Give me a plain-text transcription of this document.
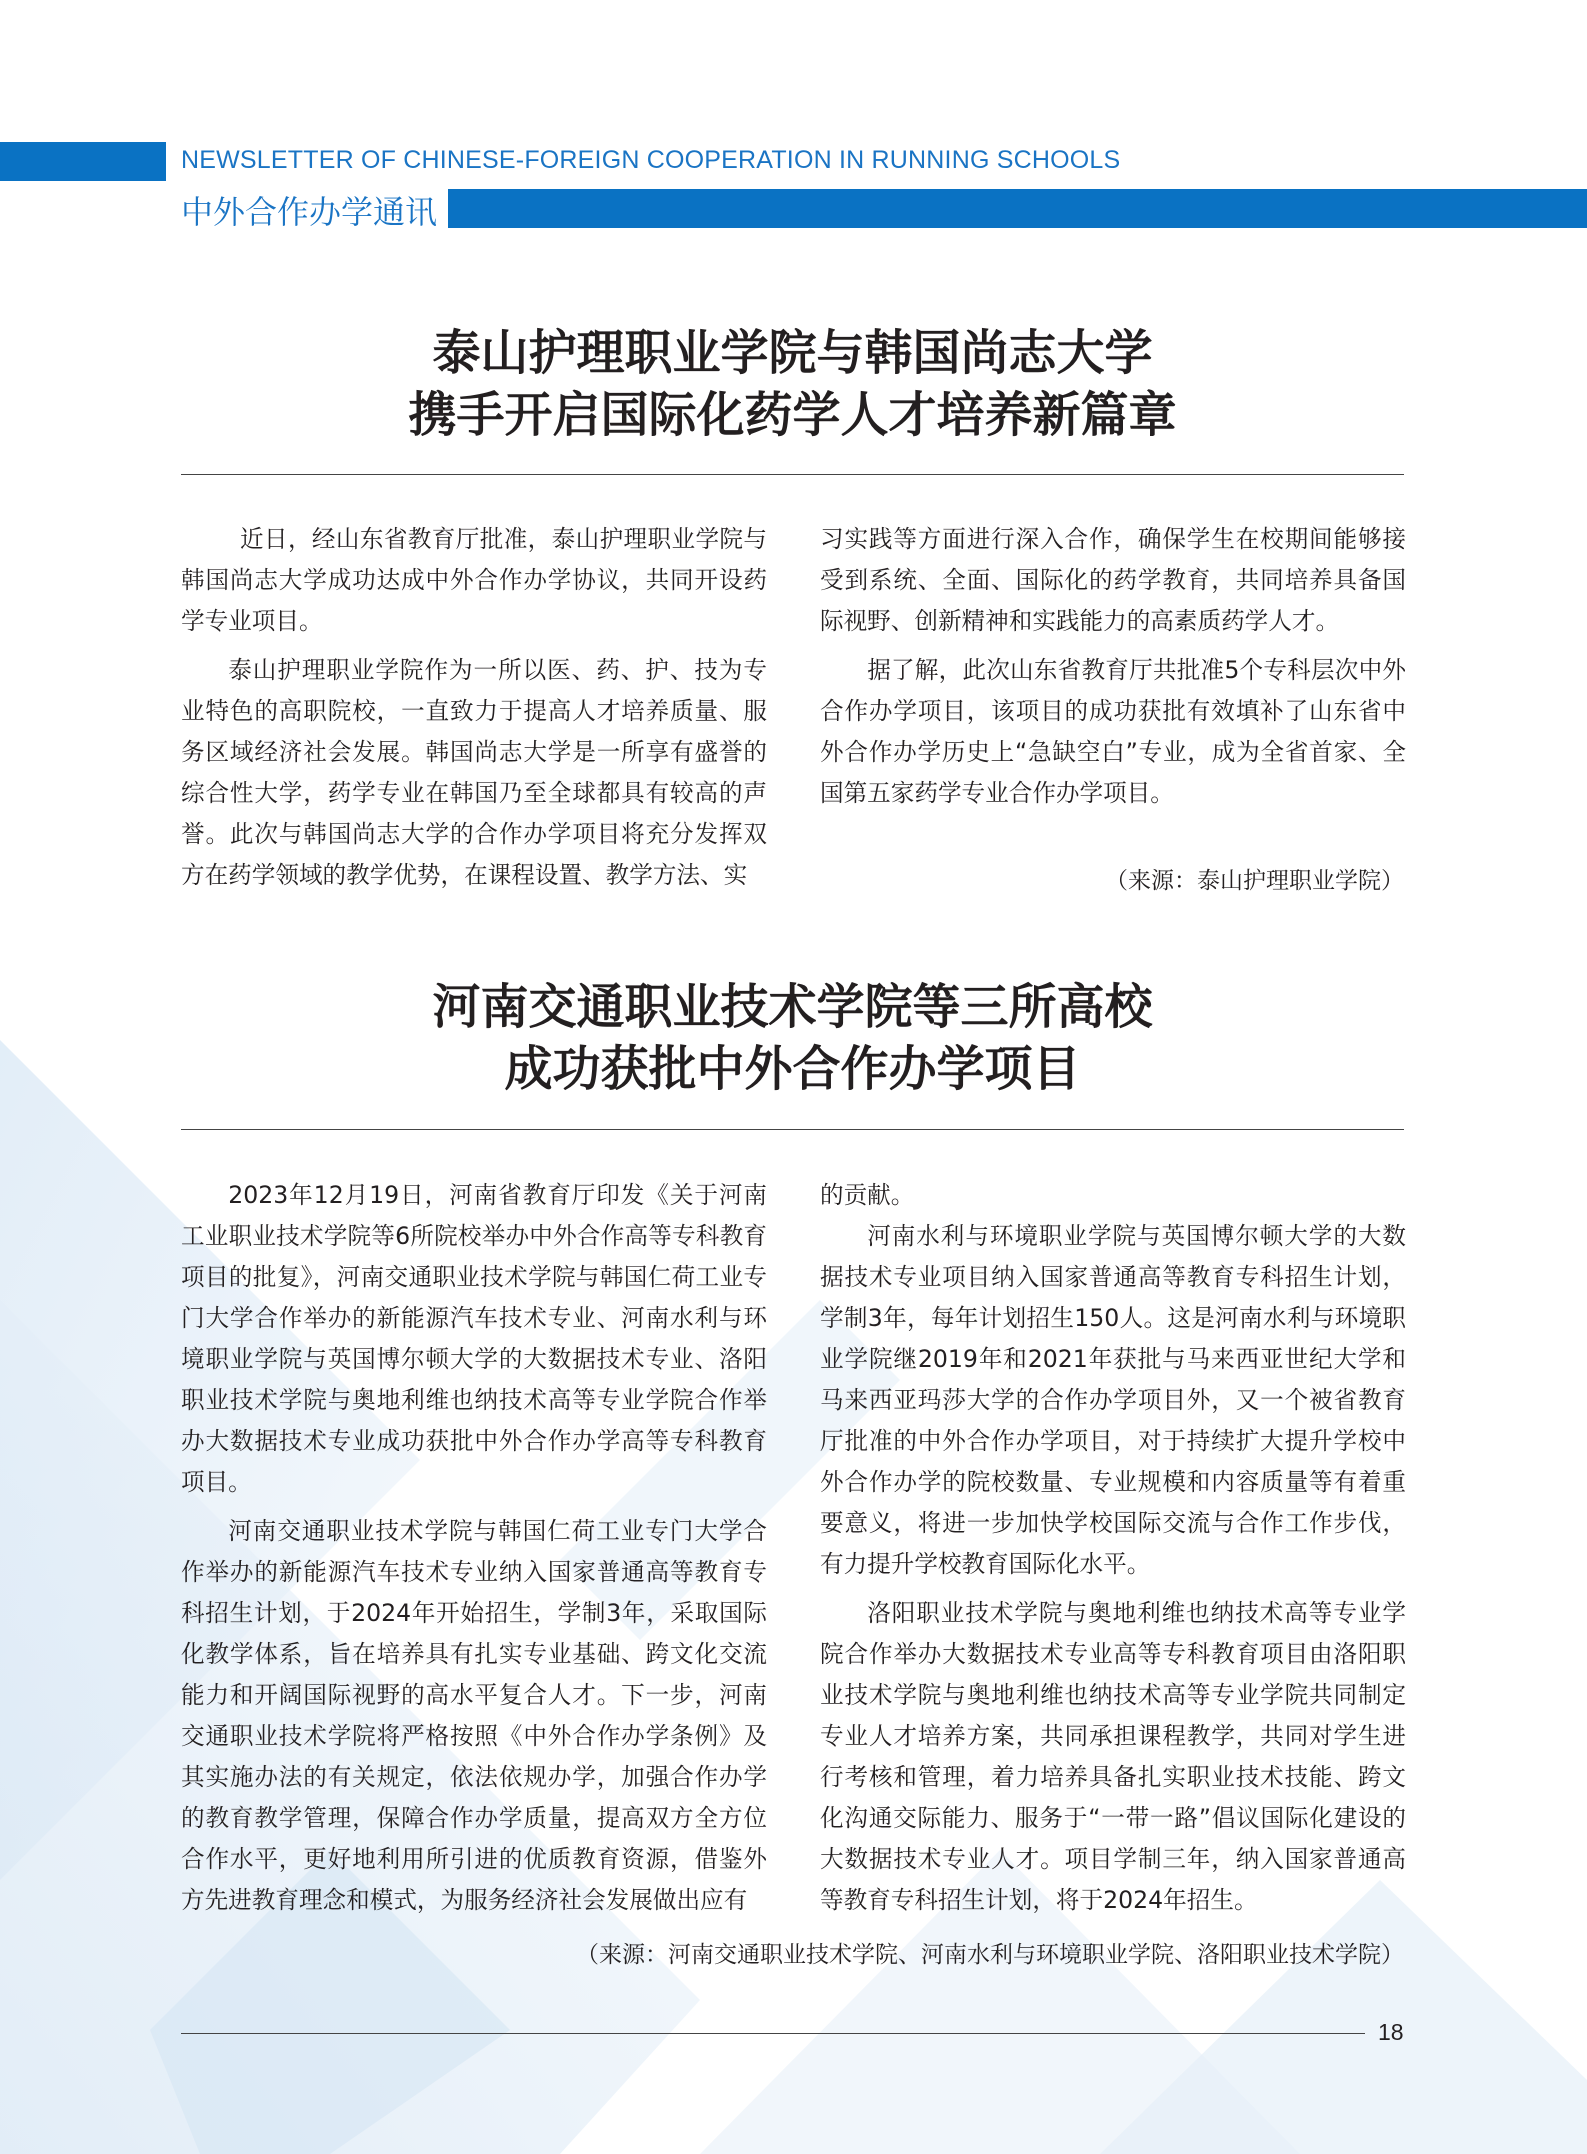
NEWSLETTER OF CHINESE-FOREIGN COOPERATION IN RUNNING SCHOOLS
中外合作办学通讯
泰山护理职业学院与韩国尚志大学
携手开启国际化药学人才培养新篇章

近日，经山东省教育厅批准，泰山护理职业学院与韩国尚志大学成功达成中外合作办学协议，共同开设药学专业项目。

泰山护理职业学院作为一所以医、药、护、技为专业特色的高职院校，一直致力于提高人才培养质量、服务区域经济社会发展。韩国尚志大学是一所享有盛誉的综合性大学，药学专业在韩国乃至全球都具有较高的声誉。此次与韩国尚志大学的合作办学项目将充分发挥双方在药学领域的教学优势，在课程设置、教学方法、实

习实践等方面进行深入合作，确保学生在校期间能够接受到系统、全面、国际化的药学教育，共同培养具备国际视野、创新精神和实践能力的高素质药学人才。

据了解，此次山东省教育厅共批准5个专科层次中外合作办学项目，该项目的成功获批有效填补了山东省中外合作办学历史上“急缺空白”专业，成为全省首家、全国第五家药学专业合作办学项目。

（来源：泰山护理职业学院）
河南交通职业技术学院等三所高校
成功获批中外合作办学项目

2023年12月19日，河南省教育厅印发《关于河南工业职业技术学院等6所院校举办中外合作高等专科教育项目的批复》，河南交通职业技术学院与韩国仁荷工业专门大学合作举办的新能源汽车技术专业、河南水利与环境职业学院与英国博尔顿大学的大数据技术专业、洛阳职业技术学院与奥地利维也纳技术高等专业学院合作举办大数据技术专业成功获批中外合作办学高等专科教育项目。

河南交通职业技术学院与韩国仁荷工业专门大学合作举办的新能源汽车技术专业纳入国家普通高等教育专科招生计划，于2024年开始招生，学制3年，采取国际化教学体系，旨在培养具有扎实专业基础、跨文化交流能力和开阔国际视野的高水平复合人才。下一步，河南交通职业技术学院将严格按照《中外合作办学条例》及其实施办法的有关规定，依法依规办学，加强合作办学的教育教学管理，保障合作办学质量，提高双方全方位合作水平，更好地利用所引进的优质教育资源，借鉴外方先进教育理念和模式，为服务经济社会发展做出应有

的贡献。

河南水利与环境职业学院与英国博尔顿大学的大数据技术专业项目纳入国家普通高等教育专科招生计划，学制3年，每年计划招生150人。这是河南水利与环境职业学院继2019年和2021年获批与马来西亚世纪大学和马来西亚玛莎大学的合作办学项目外，又一个被省教育厅批准的中外合作办学项目，对于持续扩大提升学校中外合作办学的院校数量、专业规模和内容质量等有着重要意义，将进一步加快学校国际交流与合作工作步伐，有力提升学校教育国际化水平。

洛阳职业技术学院与奥地利维也纳技术高等专业学院合作举办大数据技术专业高等专科教育项目由洛阳职业技术学院与奥地利维也纳技术高等专业学院共同制定专业人才培养方案，共同承担课程教学，共同对学生进行考核和管理，着力培养具备扎实职业技术技能、跨文化沟通交际能力、服务于“一带一路”倡议国际化建设的大数据技术专业人才。项目学制三年，纳入国家普通高等教育专科招生计划，将于2024年招生。

（来源：河南交通职业技术学院、河南水利与环境职业学院、洛阳职业技术学院）
18
